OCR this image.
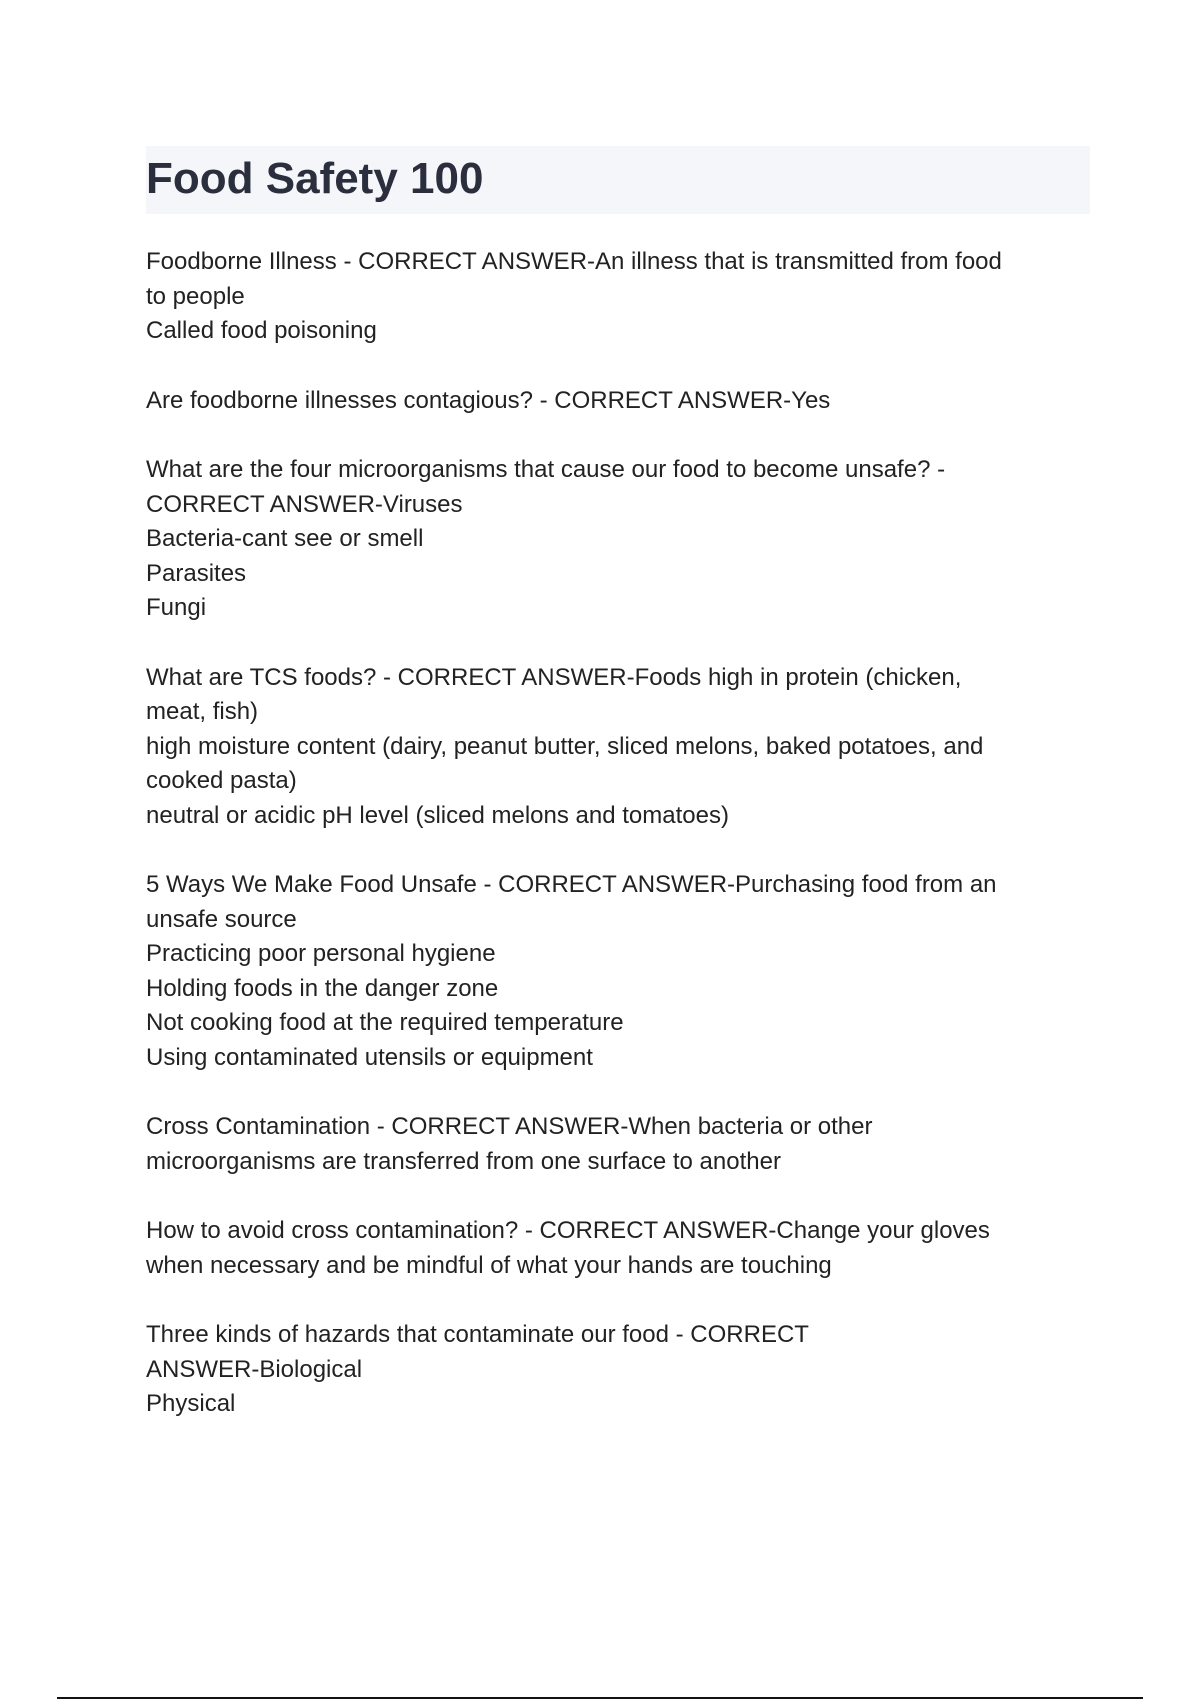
Food Safety 100

Foodborne Illness - CORRECT ANSWER-An illness that is transmitted from food
to people
Called food poisoning

Are foodborne illnesses contagious? - CORRECT ANSWER-Yes

What are the four microorganisms that cause our food to become unsafe? -
CORRECT ANSWER-Viruses
Bacteria-cant see or smell
Parasites
Fungi

What are TCS foods? - CORRECT ANSWER-Foods high in protein (chicken,
meat, fish)
high moisture content (dairy, peanut butter, sliced melons, baked potatoes, and
cooked pasta)
neutral or acidic pH level (sliced melons and tomatoes)

5 Ways We Make Food Unsafe - CORRECT ANSWER-Purchasing food from an
unsafe source
Practicing poor personal hygiene
Holding foods in the danger zone
Not cooking food at the required temperature
Using contaminated utensils or equipment

Cross Contamination - CORRECT ANSWER-When bacteria or other
microorganisms are transferred from one surface to another

How to avoid cross contamination? - CORRECT ANSWER-Change your gloves
when necessary and be mindful of what your hands are touching

Three kinds of hazards that contaminate our food - CORRECT
ANSWER-Biological
Physical
